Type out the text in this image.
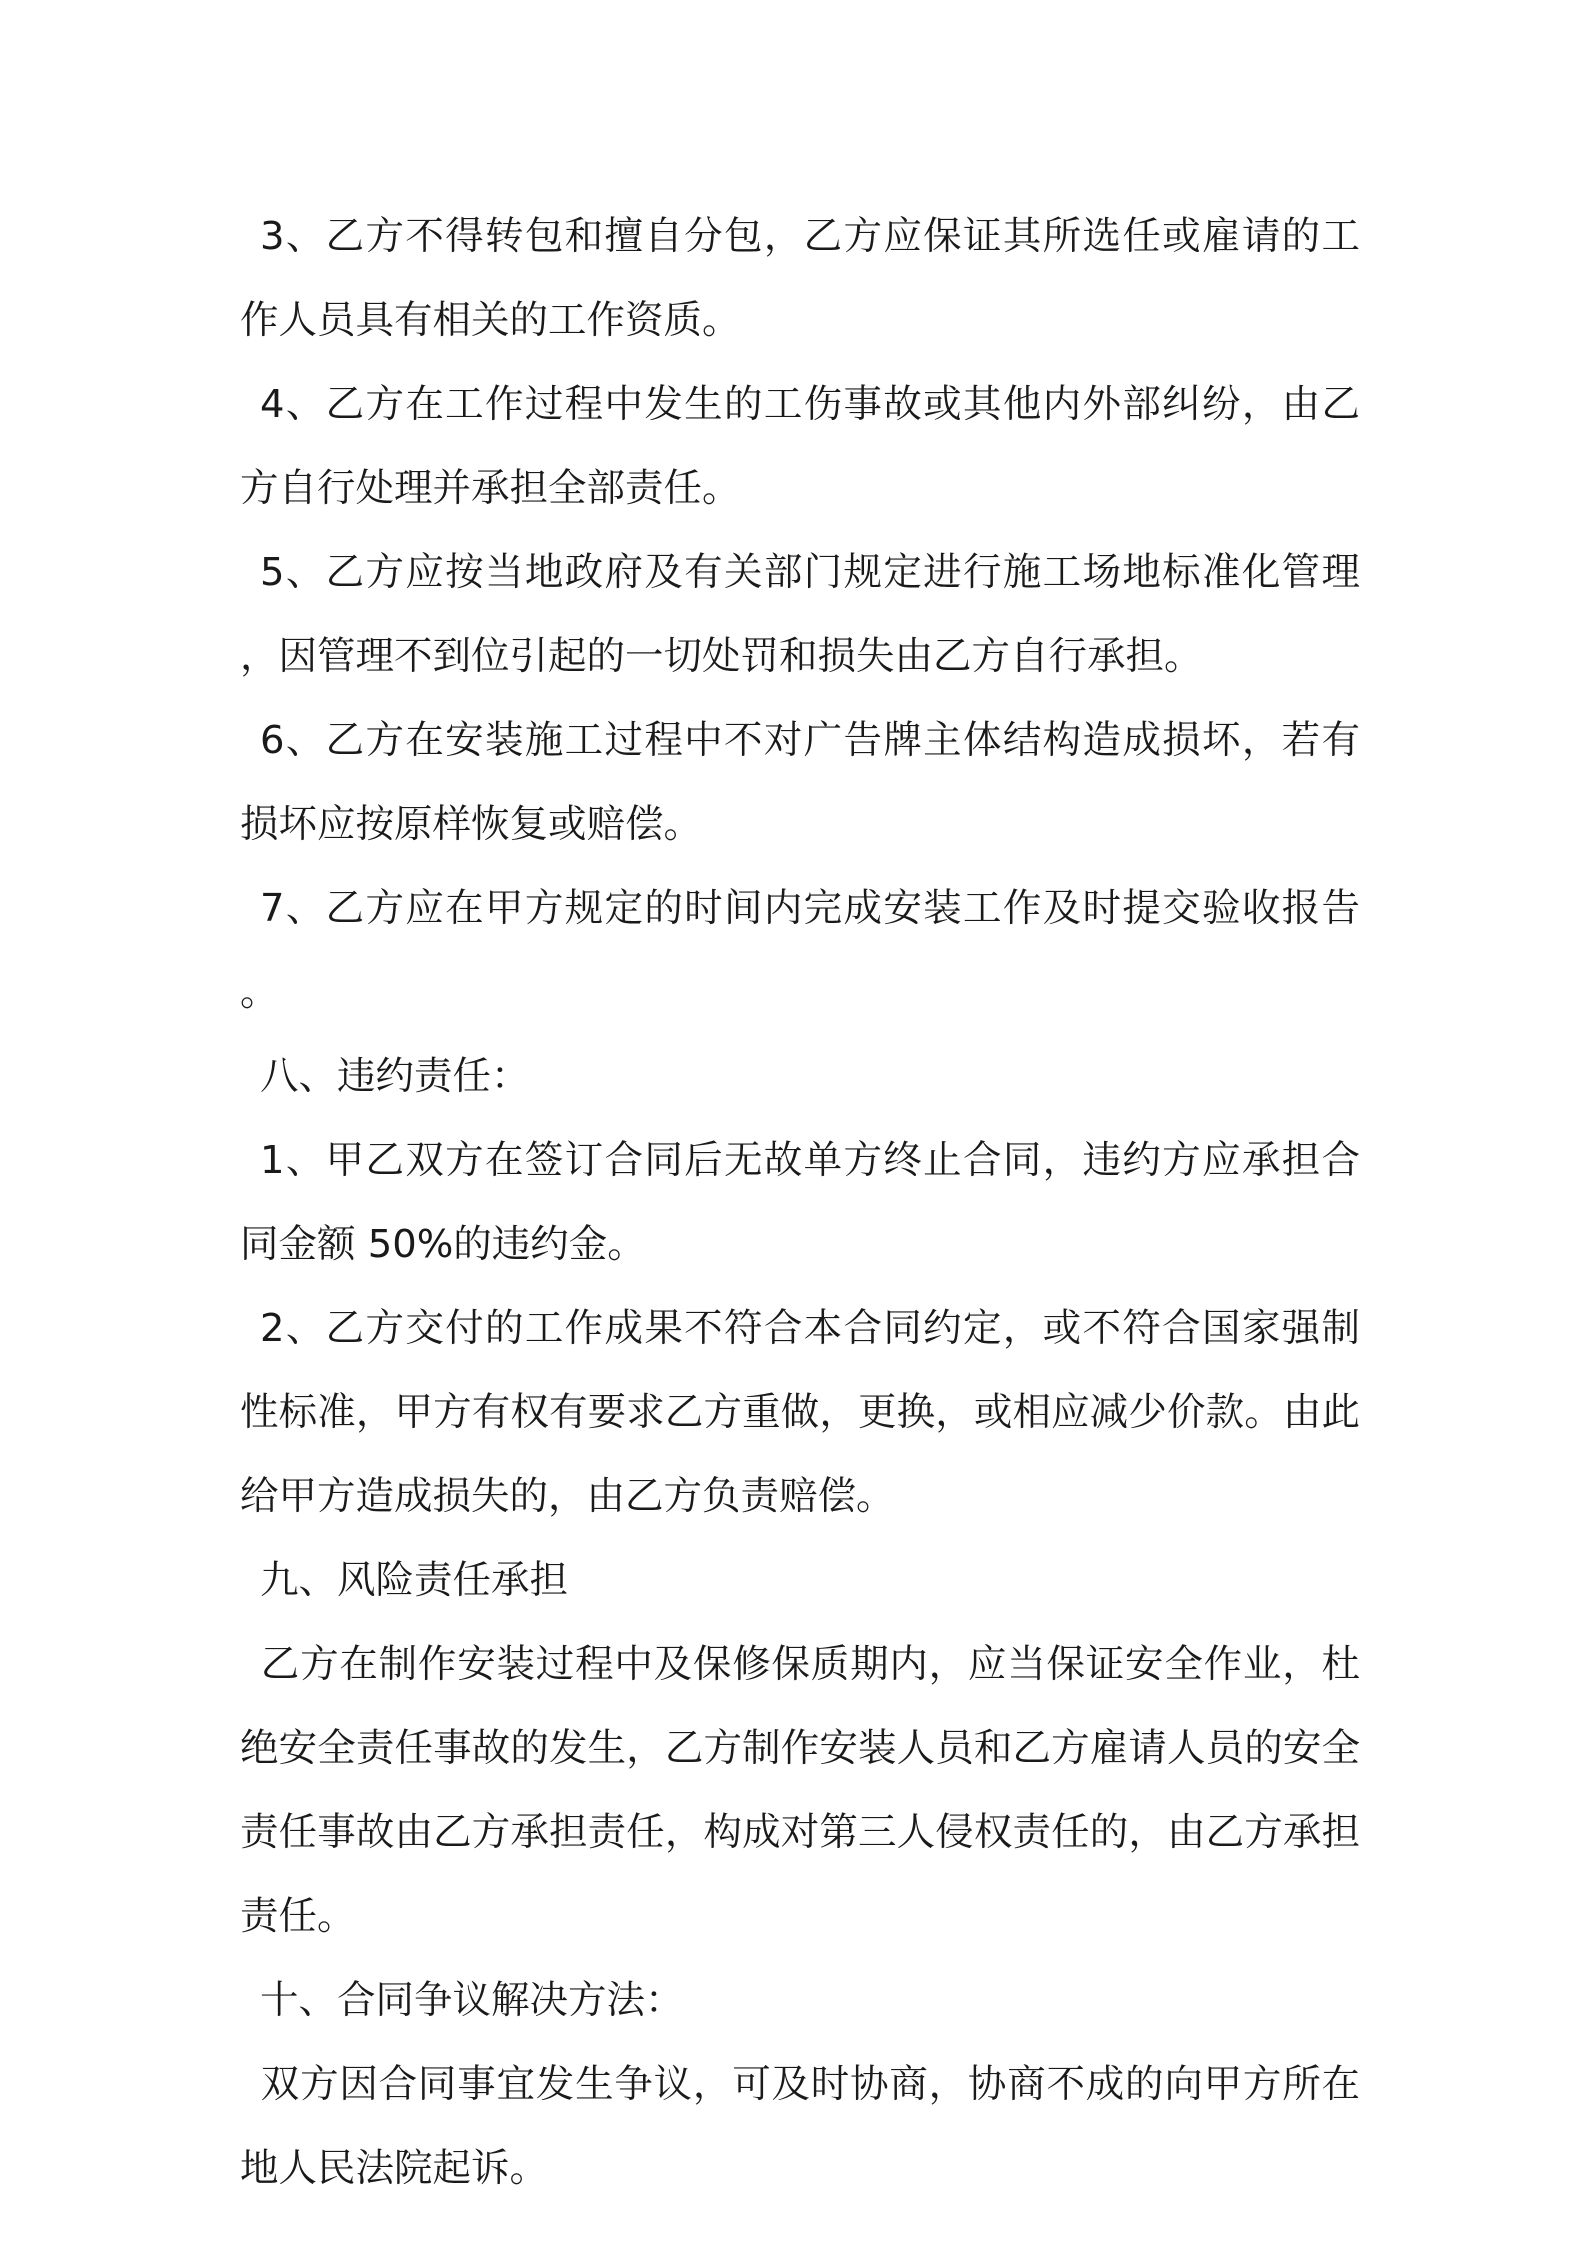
3、乙方不得转包和擅自分包，乙方应保证其所选任或雇请的工作人员具有相关的工作资质。

4、乙方在工作过程中发生的工伤事故或其他内外部纠纷，由乙方自行处理并承担全部责任。

5、乙方应按当地政府及有关部门规定进行施工场地标准化管理，因管理不到位引起的一切处罚和损失由乙方自行承担。

6、乙方在安装施工过程中不对广告牌主体结构造成损坏，若有损坏应按原样恢复或赔偿。

7、乙方应在甲方规定的时间内完成安装工作及时提交验收报告。

八、违约责任：

1、甲乙双方在签订合同后无故单方终止合同，违约方应承担合同金额 50%的违约金。

2、乙方交付的工作成果不符合本合同约定，或不符合国家强制性标准，甲方有权有要求乙方重做，更换，或相应减少价款。由此给甲方造成损失的，由乙方负责赔偿。

九、风险责任承担

乙方在制作安装过程中及保修保质期内，应当保证安全作业，杜绝安全责任事故的发生，乙方制作安装人员和乙方雇请人员的安全责任事故由乙方承担责任，构成对第三人侵权责任的，由乙方承担责任。

十、合同争议解决方法：

双方因合同事宜发生争议，可及时协商，协商不成的向甲方所在地人民法院起诉。
